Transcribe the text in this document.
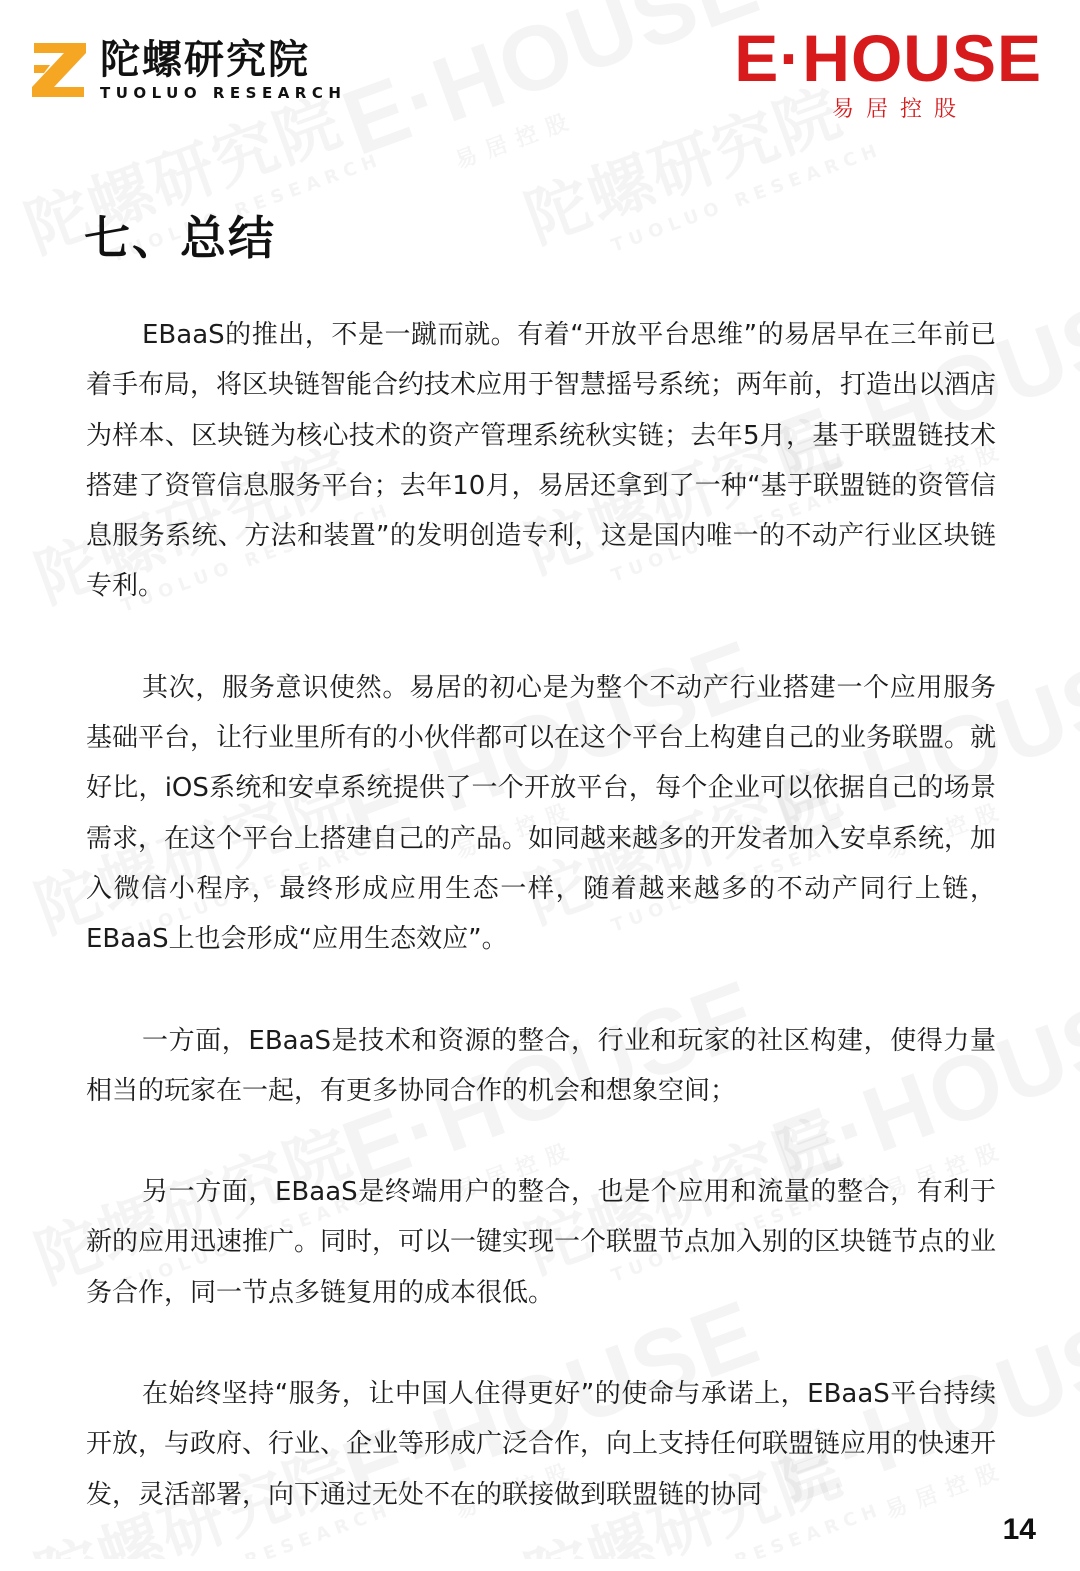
陀螺研究院
TUOLUO RESEARCH	E·HOUSE
易居控股
七、总结

EBaaS的推出，不是一蹴而就。有着“开放平台思维”的易居早在三年前已着手布局，将区块链智能合约技术应用于智慧摇号系统；两年前，打造出以酒店为样本、区块链为核心技术的资产管理系统秋实链；去年5月，基于联盟链技术搭建了资管信息服务平台；去年10月，易居还拿到了一种“基于联盟链的资管信息服务系统、方法和装置”的发明创造专利，这是国内唯一的不动产行业区块链专利。

其次，服务意识使然。易居的初心是为整个不动产行业搭建一个应用服务基础平台，让行业里所有的小伙伴都可以在这个平台上构建自己的业务联盟。就好比，iOS系统和安卓系统提供了一个开放平台，每个企业可以依据自己的场景需求，在这个平台上搭建自己的产品。如同越来越多的开发者加入安卓系统，加入微信小程序，最终形成应用生态一样，随着越来越多的不动产同行上链，EBaaS上也会形成“应用生态效应”。

一方面，EBaaS是技术和资源的整合，行业和玩家的社区构建，使得力量相当的玩家在一起，有更多协同合作的机会和想象空间；

另一方面，EBaaS是终端用户的整合，也是个应用和流量的整合，有利于新的应用迅速推广。同时，可以一键实现一个联盟节点加入别的区块链节点的业务合作，同一节点多链复用的成本很低。

在始终坚持“服务，让中国人住得更好”的使命与承诺上，EBaaS平台持续开放，与政府、行业、企业等形成广泛合作，向上支持任何联盟链应用的快速开发，灵活部署，向下通过无处不在的联接做到联盟链的协同

14
